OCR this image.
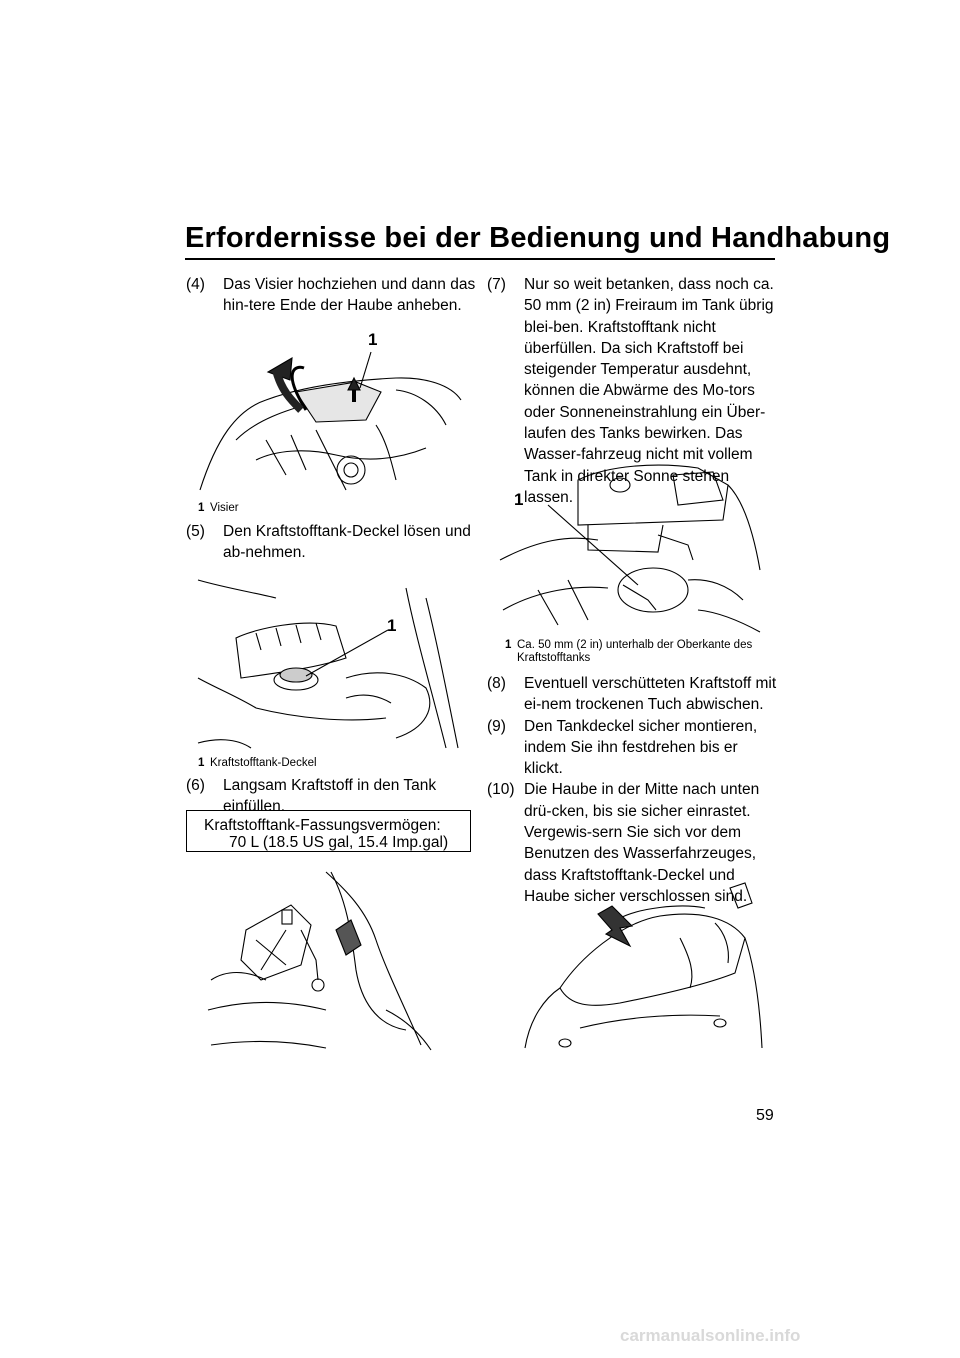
Erfordernisse bei der Bedienung und Handhabung
(4) Das Visier hochziehen und dann das hin-tere Ende der Haube anheben.
1
1 Visier
(5) Den Kraftstofftank-Deckel lösen und ab-nehmen.
1
1 Kraftstofftank-Deckel
(6) Langsam Kraftstoff in den Tank einfüllen.
Kraftstofftank-Fassungsvermögen:
70 L (18.5 US gal, 15.4 Imp.gal)
(7) Nur so weit betanken, dass noch ca. 50 mm (2 in) Freiraum im Tank übrig blei-ben. Kraftstofftank nicht überfüllen. Da sich Kraftstoff bei steigender Temperatur ausdehnt, können die Abwärme des Mo-tors oder Sonneneinstrahlung ein Über-laufen des Tanks bewirken. Das Wasser-fahrzeug nicht mit vollem Tank in direkter Sonne stehen lassen.
1
1 Ca. 50 mm (2 in) unterhalb der Oberkante des Kraftstofftanks
(8) Eventuell verschütteten Kraftstoff mit ei-nem trockenen Tuch abwischen.
(9) Den Tankdeckel sicher montieren, indem Sie ihn festdrehen bis er klickt.
(10) Die Haube in der Mitte nach unten drü-cken, bis sie sicher einrastet. Vergewis-sern Sie sich vor dem Benutzen des Wasserfahrzeuges, dass Kraftstofftank-Deckel und Haube sicher verschlossen sind.
59
carmanualsonline.info
